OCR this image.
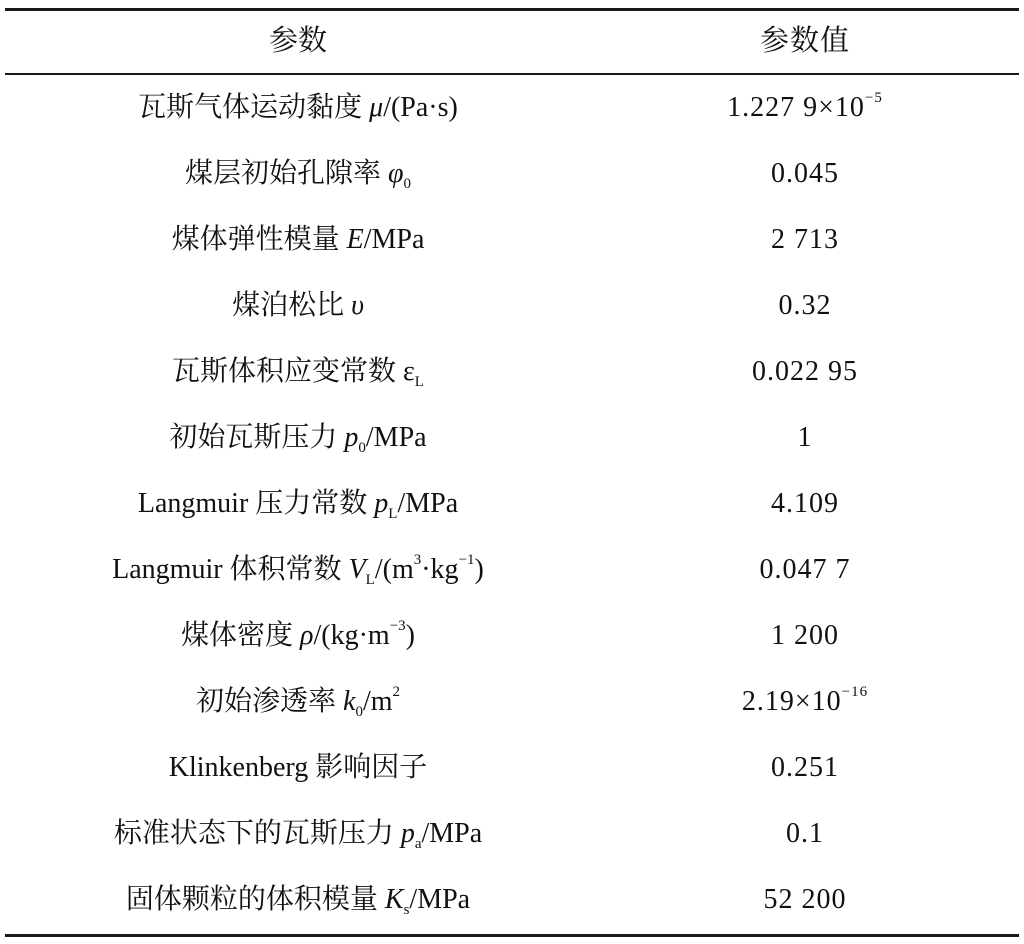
参数	参数值
瓦斯气体运动黏度 μ/(Pa·s)	1.227 $9\times 10^{-5}$
煤层初始孔隙率 $\varphi_0$	0.045
煤体弹性模量 E/MPa	2 713
煤泊松比 υ	0.32
瓦斯体积应变常数 $\varepsilon_L$	0.022 95
初始瓦斯压力 $p_0$/MPa	1
Langmuir 压力常数 $p_L$/MPa	4.109
Langmuir 体积常数 $V_L/(m^3\cdot kg^{-1})$	0.047 7
煤体密度 $\rho/(kg\cdot m^{-3})$	1 200
初始渗透率 $k_0/m^2$	$2.19\times 10^{-16}$
Klinkenberg 影响因子	0.251
标准状态下的瓦斯压力 $p_a$/MPa	0.1
固体颗粒的体积模量 $K_s$/MPa	52 200
